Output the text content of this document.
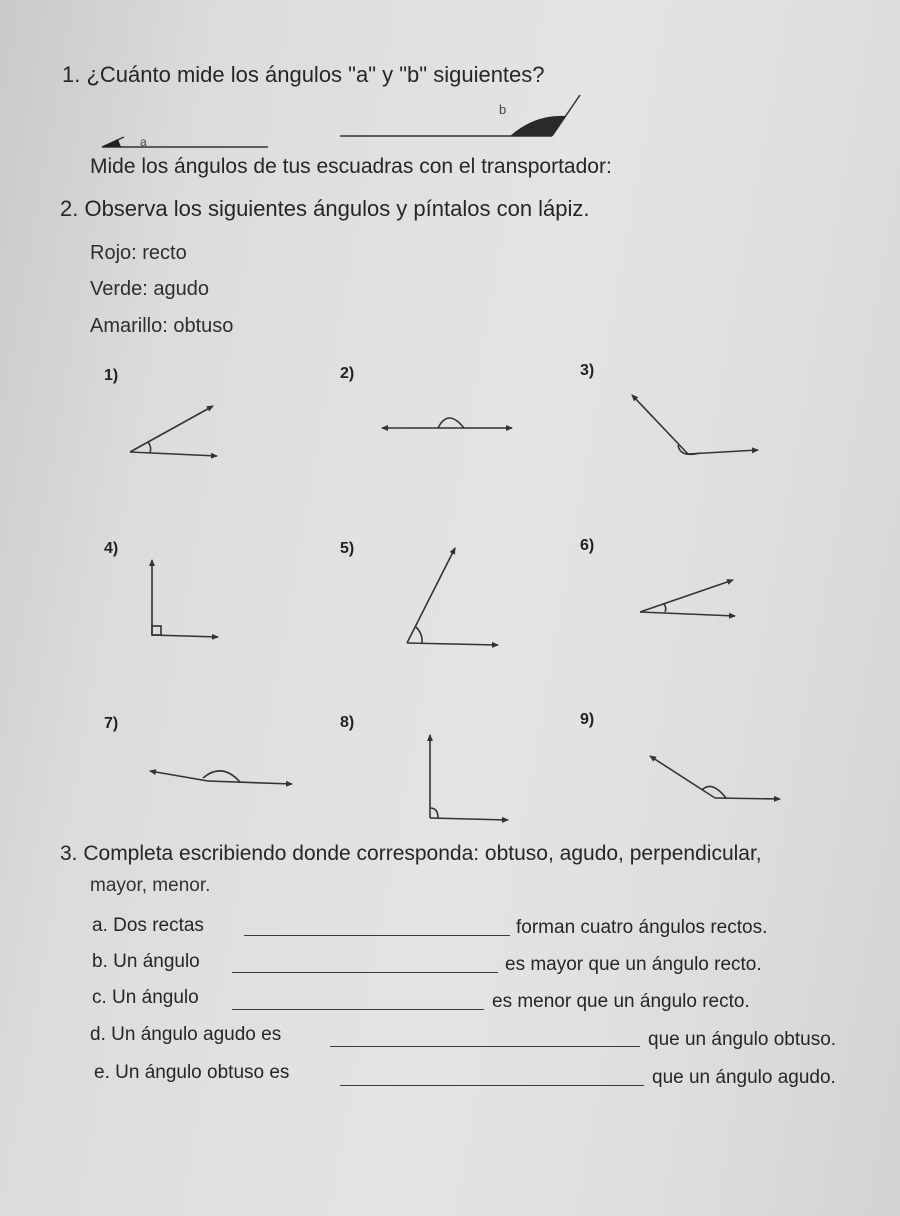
1. ¿Cuánto mide los ángulos "a" y "b" siguientes?
Mide los ángulos de tus escuadras con el transportador:
2. Observa los siguientes ángulos y píntalos con lápiz.
Rojo: recto
Verde: agudo
Amarillo: obtuso
1)	2)	3)
4)	5)	6)
7)	8)	9)
3. Completa escribiendo donde corresponda: obtuso, agudo, perpendicular,
mayor, menor.
a. Dos rectas	forman cuatro ángulos rectos.
b. Un ángulo	es mayor que un ángulo recto.
c. Un ángulo	es menor que un ángulo recto.
d. Un ángulo agudo es	que un ángulo obtuso.
e. Un ángulo obtuso es	que un ángulo agudo.
a
b
